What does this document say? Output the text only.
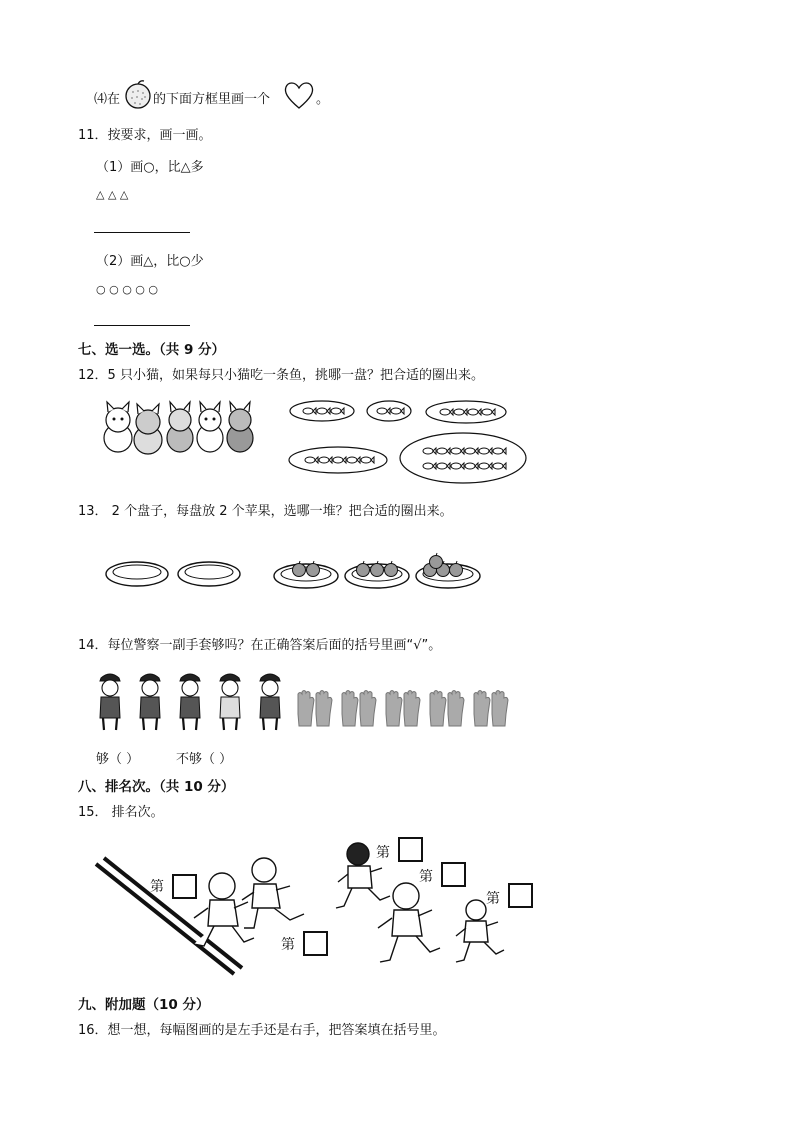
⑷在	的下面方框里画一个	。
11．按要求，画一画。
（1）画○，比△多
△ △ △
（2）画△，比○少
○ ○ ○ ○ ○
七、选一选。（共 9 分）
12．5 只小猫，如果每只小猫吃一条鱼，挑哪一盘？把合适的圈出来。
13． 2 个盘子，每盘放 2 个苹果，选哪一堆？把合适的圈出来。
14．每位警察一副手套够吗？在正确答案后面的括号里画“√”。
够（ ）	不够（ ）
八、排名次。（共 10 分）
15． 排名次。
第
第
第
第
第
九、附加题（10 分）
16．想一想，每幅图画的是左手还是右手，把答案填在括号里。
